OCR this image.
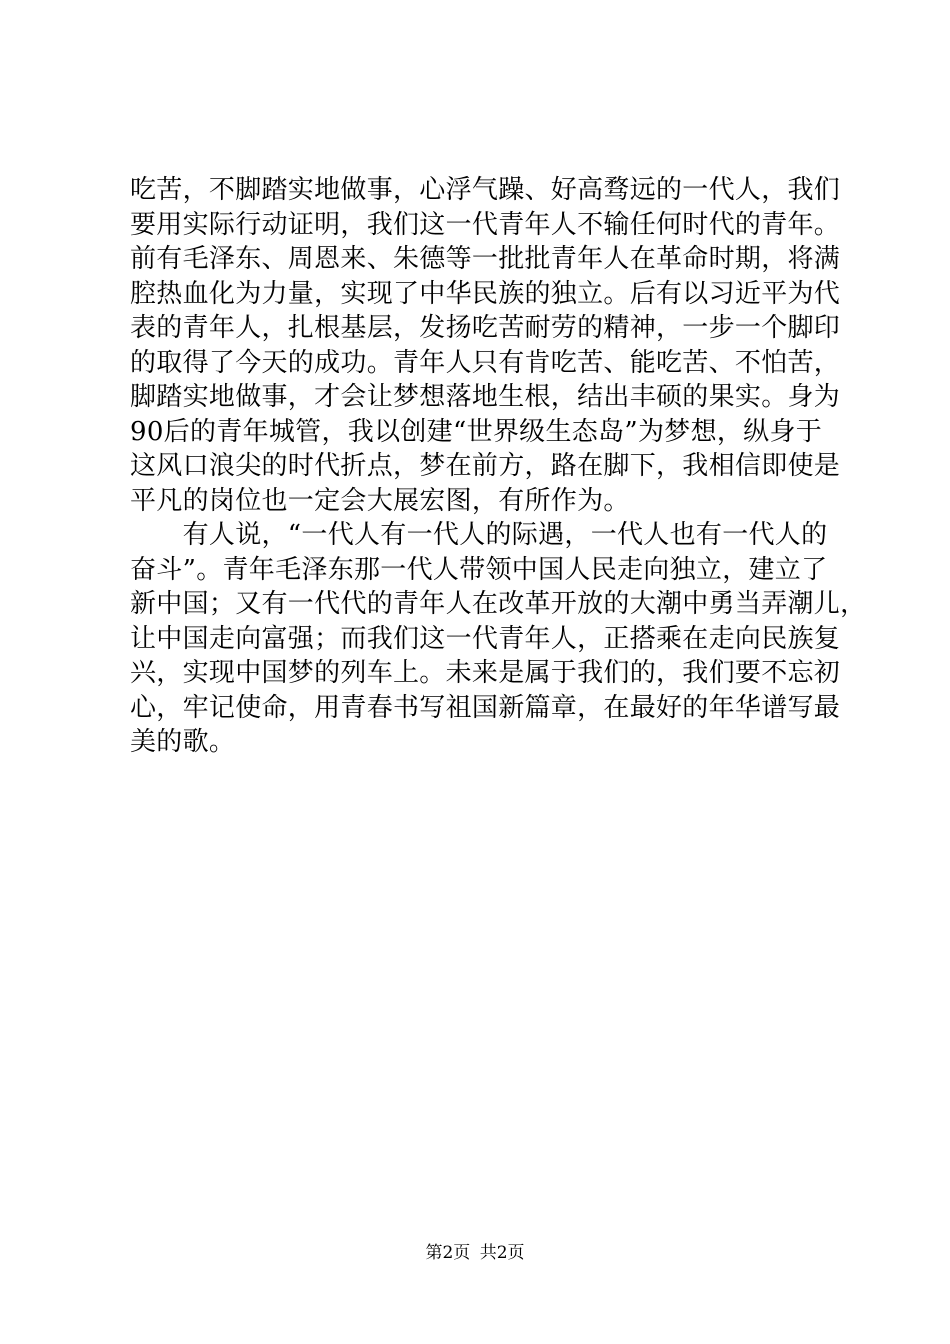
吃苦，不脚踏实地做事，心浮气躁、好高骛远的一代人，我们
要用实际行动证明，我们这一代青年人不输任何时代的青年。
前有毛泽东、周恩来、朱德等一批批青年人在革命时期，将满
腔热血化为力量，实现了中华民族的独立。后有以习近平为代
表的青年人，扎根基层，发扬吃苦耐劳的精神，一步一个脚印
的取得了今天的成功。青年人只有肯吃苦、能吃苦、不怕苦，
脚踏实地做事，才会让梦想落地生根，结出丰硕的果实。身为
90后的青年城管，我以创建“世界级生态岛”为梦想，纵身于
这风口浪尖的时代折点，梦在前方，路在脚下，我相信即使是
平凡的岗位也一定会大展宏图，有所作为。
　　有人说，“一代人有一代人的际遇，一代人也有一代人的
奋斗”。青年毛泽东那一代人带领中国人民走向独立，建立了
新中国；又有一代代的青年人在改革开放的大潮中勇当弄潮儿，
让中国走向富强；而我们这一代青年人，正搭乘在走向民族复
兴，实现中国梦的列车上。未来是属于我们的，我们要不忘初
心，牢记使命，用青春书写祖国新篇章，在最好的年华谱写最
美的歌。
第2页 共2页
